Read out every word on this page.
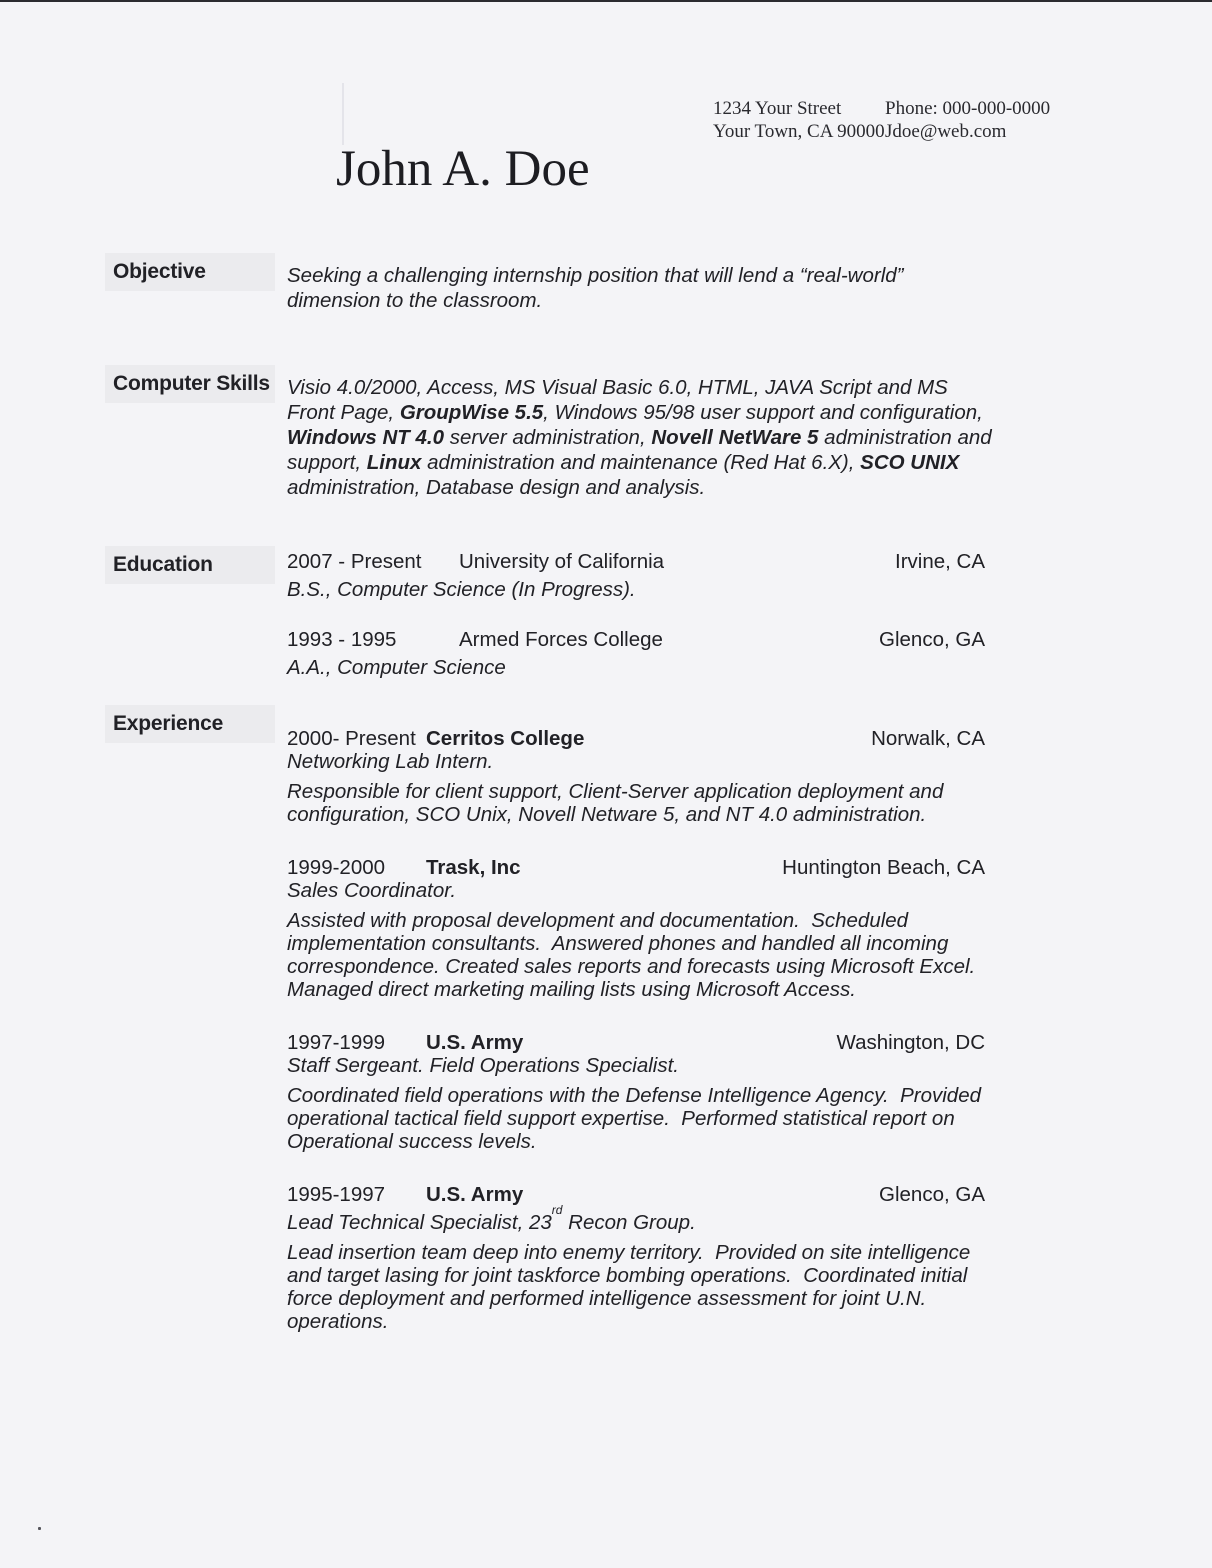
1234 Your Street
Your Town, CA 90000
Phone: 000-000-0000
Jdoe@web.com
John A. Doe
Objective	Seeking a challenging internship position that will lend a “real-world” dimension to the classroom.

Computer Skills Visio 4.0/2000, Access, MS Visual Basic 6.0, HTML, JAVA Script and MS Front Page, GroupWise 5.5, Windows 95/98 user support and configuration, Windows NT 4.0 server administration, Novell NetWare 5 administration and support, Linux administration and maintenance (Red Hat 6.X), SCO UNIX administration, Database design and analysis.

Education	2007 - Present	University of California	Irvine, CA
B.S., Computer Science (In Progress).
1993 - 1995	Armed Forces College	Glenco, GA
A.A., Computer Science
Experience
2000- Present Cerritos College	Norwalk, CA
Networking Lab Intern.

Responsible for client support, Client-Server application deployment and configuration, SCO Unix, Novell Netware 5, and NT 4.0 administration.

1999-2000	Trask, Inc	Huntington Beach, CA
Sales Coordinator.

Assisted with proposal development and documentation.  Scheduled implementation consultants.  Answered phones and handled all incoming correspondence. Created sales reports and forecasts using Microsoft Excel. Managed direct marketing mailing lists using Microsoft Access.

1997-1999	U.S. Army	Washington, DC
Staff Sergeant. Field Operations Specialist.

Coordinated field operations with the Defense Intelligence Agency.  Provided operational tactical field support expertise.  Performed statistical report on Operational success levels.

1995-1997	U.S. Army	Glenco, GA
Lead Technical Specialist, 23rd Recon Group.

Lead insertion team deep into enemy territory.  Provided on site intelligence and target lasing for joint taskforce bombing operations.  Coordinated initial force deployment and performed intelligence assessment for joint U.N. operations.
